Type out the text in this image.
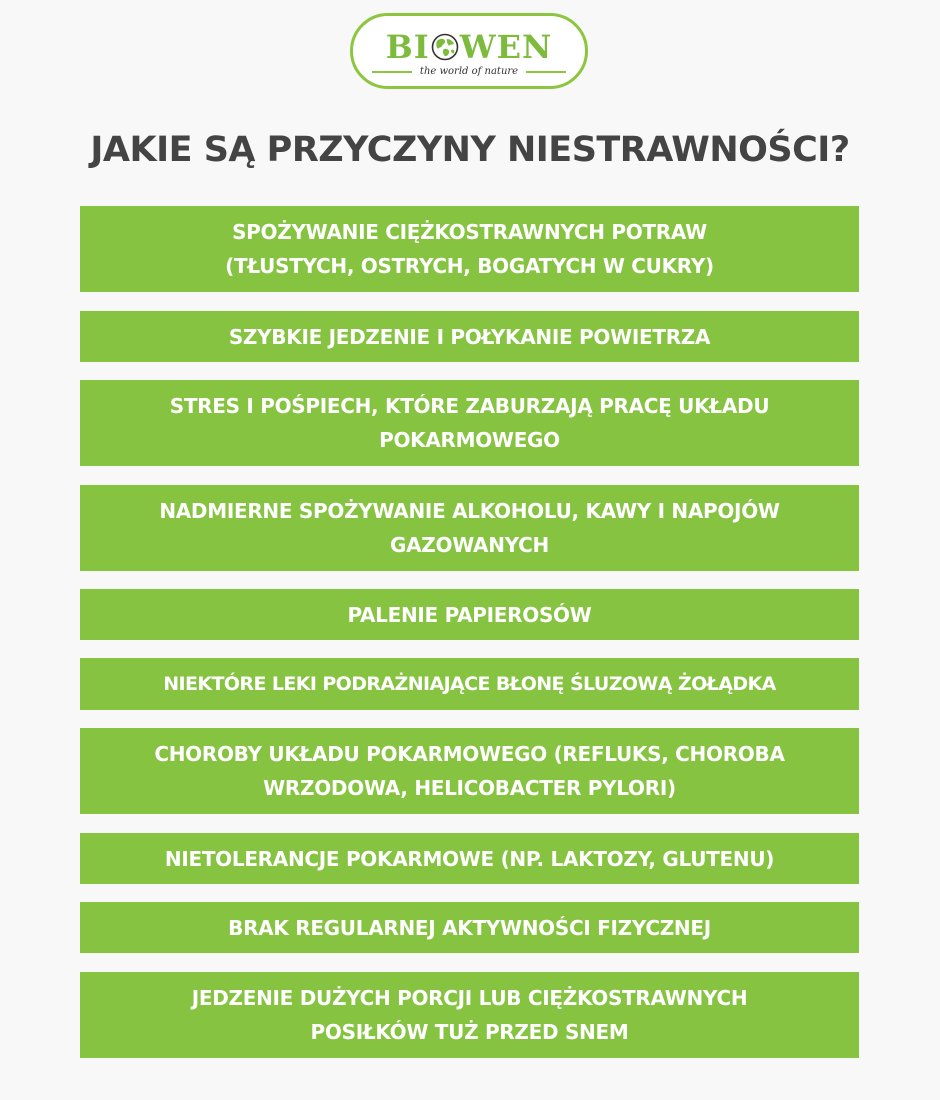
BI WEN
the world of nature
JAKIE SĄ PRZYCZYNY NIESTRAWNOŚCI?
SPOŻYWANIE CIĘŻKOSTRAWNYCH POTRAW
(TŁUSTYCH, OSTRYCH, BOGATYCH W CUKRY)
SZYBKIE JEDZENIE I POŁYKANIE POWIETRZA
STRES I POŚPIECH, KTÓRE ZABURZAJĄ PRACĘ UKŁADU
POKARMOWEGO
NADMIERNE SPOŻYWANIE ALKOHOLU, KAWY I NAPOJÓW
GAZOWANYCH
PALENIE PAPIEROSÓW
NIEKTÓRE LEKI PODRAŻNIAJĄCE BŁONĘ ŚLUZOWĄ ŻOŁĄDKA
CHOROBY UKŁADU POKARMOWEGO (REFLUKS, CHOROBA
WRZODOWA, HELICOBACTER PYLORI)
NIETOLERANCJE POKARMOWE (NP. LAKTOZY, GLUTENU)
BRAK REGULARNEJ AKTYWNOŚCI FIZYCZNEJ
JEDZENIE DUŻYCH PORCJI LUB CIĘŻKOSTRAWNYCH
POSIŁKÓW TUŻ PRZED SNEM
